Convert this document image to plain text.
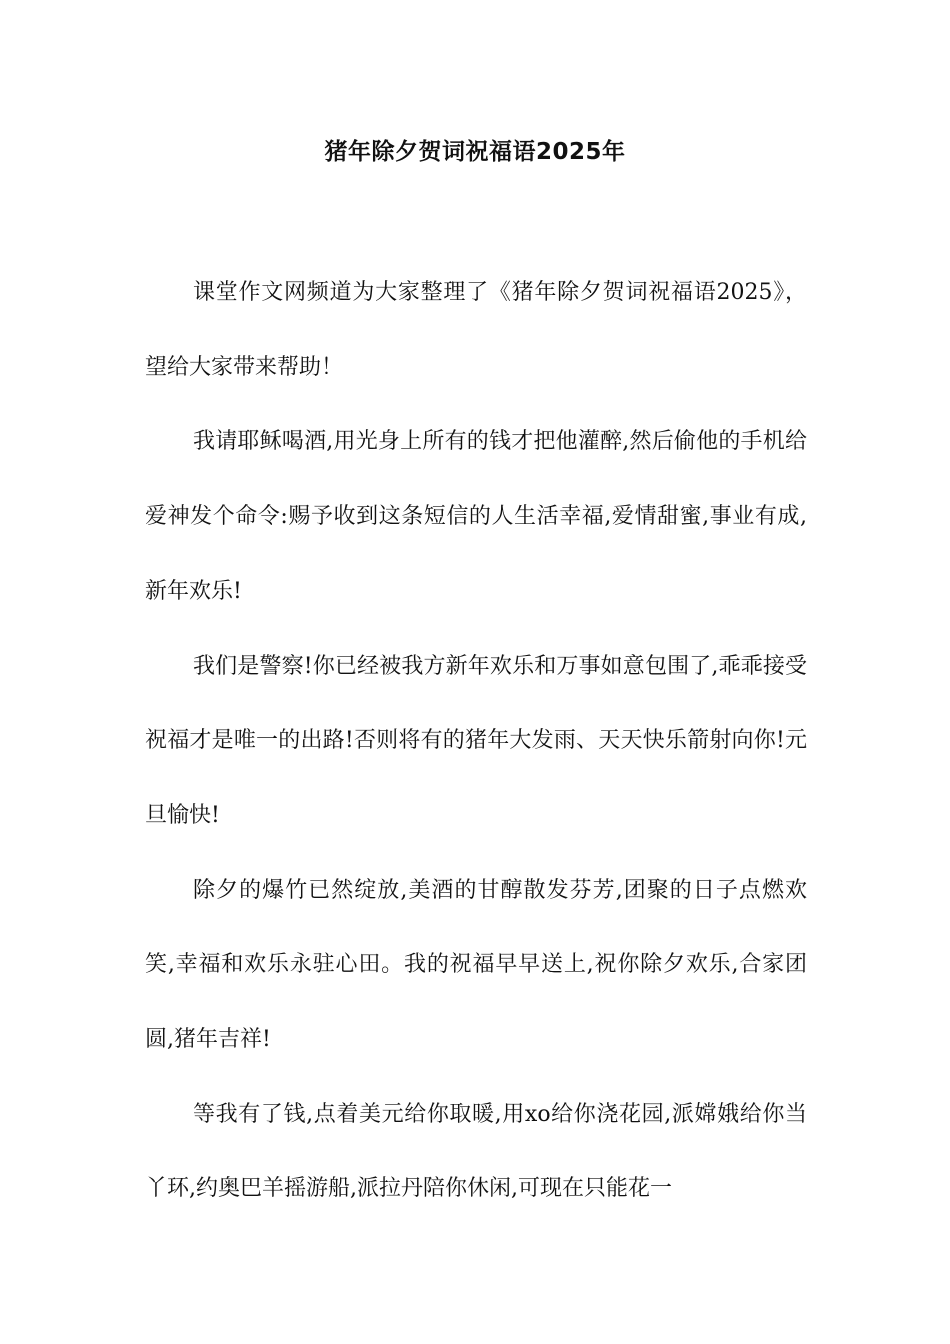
猪年除夕贺词祝福语2025年

课堂作文网频道为大家整理了《猪年除夕贺词祝福语2025》，望给大家带来帮助！

我请耶稣喝酒,用光身上所有的钱才把他灌醉,然后偷他的手机给爱神发个命令:赐予收到这条短信的人生活幸福,爱情甜蜜,事业有成,新年欢乐!

我们是警察!你已经被我方新年欢乐和万事如意包围了,乖乖接受祝福才是唯一的出路!否则将有的猪年大发雨、天天快乐箭射向你!元旦愉快!

除夕的爆竹已然绽放,美酒的甘醇散发芬芳,团聚的日子点燃欢笑,幸福和欢乐永驻心田。我的祝福早早送上,祝你除夕欢乐,合家团圆,猪年吉祥!

等我有了钱,点着美元给你取暖,用xo给你浇花园,派嫦娥给你当丫环,约奥巴羊摇游船,派拉丹陪你休闲,可现在只能花一
